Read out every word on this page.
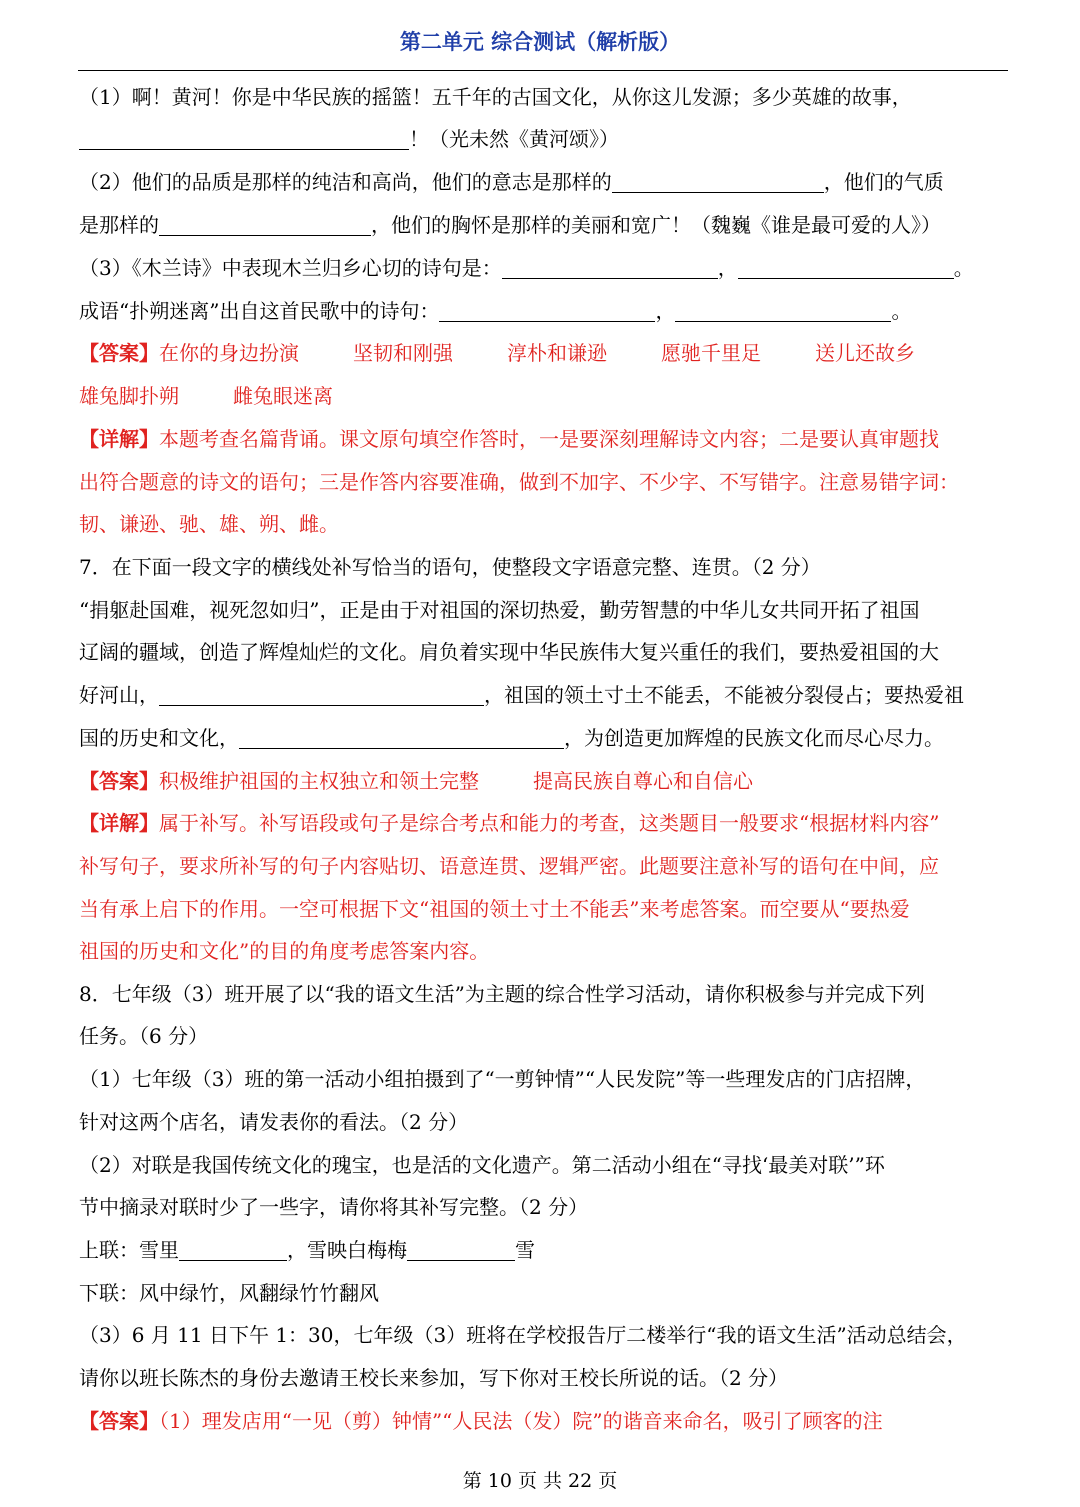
第二单元 综合测试（解析版）
（1）啊！黄河！你是中华民族的摇篮！五千年的古国文化，从你这儿发源；多少英雄的故事，
！（光未然《黄河颂》）
（2）他们的品质是那样的纯洁和高尚，他们的意志是那样的	，他们的气质
是那样的	，他们的胸怀是那样的美丽和宽广！（魏巍《谁是最可爱的人》）
（3）《木兰诗》中表现木兰归乡心切的诗句是：	，	。
成语“扑朔迷离”出自这首民歌中的诗句：	，	。
【答案】在你的身边扮演	坚韧和刚强	淳朴和谦逊	愿驰千里足	送儿还故乡
雄兔脚扑朔	雌兔眼迷离
【详解】本题考查名篇背诵。课文原句填空作答时，一是要深刻理解诗文内容；二是要认真审题找
出符合题意的诗文的语句；三是作答内容要准确，做到不加字、不少字、不写错字。注意易错字词：
韧、谦逊、驰、雄、朔、雌。
7．在下面一段文字的横线处补写恰当的语句，使整段文字语意完整、连贯。（2 分）
“捐躯赴国难，视死忽如归”，正是由于对祖国的深切热爱，勤劳智慧的中华儿女共同开拓了祖国
辽阔的疆域，创造了辉煌灿烂的文化。肩负着实现中华民族伟大复兴重任的我们，要热爱祖国的大
好河山，	，祖国的领土寸土不能丢，不能被分裂侵占；要热爱祖
国的历史和文化，	，为创造更加辉煌的民族文化而尽心尽力。
【答案】积极维护祖国的主权独立和领土完整	提高民族自尊心和自信心
【详解】属于补写。补写语段或句子是综合考点和能力的考查，这类题目一般要求“根据材料内容”
补写句子，要求所补写的句子内容贴切、语意连贯、逻辑严密。此题要注意补写的语句在中间，应
当有承上启下的作用。一空可根据下文“祖国的领土寸土不能丢”来考虑答案。而空要从“要热爱
祖国的历史和文化”的目的角度考虑答案内容。
8．七年级（3）班开展了以“我的语文生活”为主题的综合性学习活动，请你积极参与并完成下列
任务。（6 分）
（1）七年级（3）班的第一活动小组拍摄到了“一剪钟情”“人民发院”等一些理发店的门店招牌，
针对这两个店名，请发表你的看法。（2 分）
（2）对联是我国传统文化的瑰宝，也是活的文化遗产。第二活动小组在“寻找‘最美对联’”环
节中摘录对联时少了一些字，请你将其补写完整。（2 分）
上联：雪里	，雪映白梅梅	雪
下联：风中绿竹，风翻绿竹竹翻风
（3）6 月 11 日下午 1：30，七年级（3）班将在学校报告厅二楼举行“我的语文生活”活动总结会，
请你以班长陈杰的身份去邀请王校长来参加，写下你对王校长所说的话。（2 分）
【答案】（1）理发店用“一见（剪）钟情”“人民法（发）院”的谐音来命名，吸引了顾客的注
第 10 页 共 22 页
